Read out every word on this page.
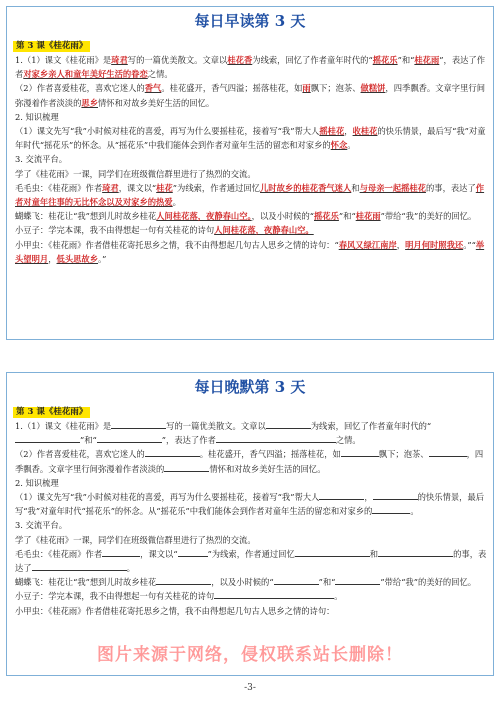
每日早读第 3 天
第 3 课《桂花雨》

1.（1）课文《桂花雨》是琦君写的一篇优美散文。文章以桂花香为线索，回忆了作者童年时代的“摇花乐”和“桂花雨”，表达了作者对家乡亲人和童年美好生活的眷恋之情。

（2）作者喜爱桂花，喜欢它迷人的香气。桂花盛开，香气四溢；摇落桂花，如雨飘下；泡茶、做糕饼，四季飘香。文章字里行间弥漫着作者淡淡的思乡情怀和对故乡美好生活的回忆。

2. 知识梳理

（1）课文先写“我”小时候对桂花的喜爱，再写为什么要摇桂花，接着写“我”帮大人摇桂花，收桂花的快乐情景，最后写“我”对童年时代“摇花乐”的怀念。从“摇花乐”中我们能体会到作者对童年生活的留恋和对家乡的怀念。

3. 交流平台。

学了《桂花雨》一课，同学们在班级微信群里进行了热烈的交流。

毛毛虫：《桂花雨》作者琦君，课文以“桂花”为线索，作者通过回忆儿时故乡的桂花香气迷人和与母亲一起摇桂花的事，表达了作者对童年往事的无比怀念以及对家乡的热爱。

蝴蝶飞：桂花让“我”想到儿时故乡桂花人间桂花落，夜静春山空。，以及小时候的“摇花乐”和“桂花雨”带给“我”的美好的回忆。

小豆子：学完本课，我不由得想起一句有关桂花的诗句人间桂花落，夜静春山空。

小甲虫：《桂花雨》作者借桂花寄托思乡之情，我不由得想起几句古人思乡之情的诗句：“春风又绿江南岸，明月何时照我还。”“举头望明月，低头思故乡。”

每日晚默第 3 天
第 3 课《桂花雨》

1.（1）课文《桂花雨》是	写的一篇优美散文。文章以	为线索，回忆了作者童年时代的“”和“	”，表达了作者	之情。

（2）作者喜爱桂花，喜欢它迷人的	。桂花盛开，香气四溢；摇落桂花，如	飘下；泡茶、	，四季飘香。文章字里行间弥漫着作者淡淡的	情怀和对故乡美好生活的回忆。

2. 知识梳理

（1）课文先写“我”小时候对桂花的喜爱，再写为什么要摇桂花，接着写“我”帮大人	，	的快乐情景，最后写“我”对童年时代“摇花乐”的怀念。从“摇花乐”中我们能体会到作者对童年生活的留恋和对家乡的	。

3. 交流平台。

学了《桂花雨》一课，同学们在班级微信群里进行了热烈的交流。

毛毛虫：《桂花雨》作者	，课文以“	”为线索，作者通过回忆	和	的事，表达了	。

蝴蝶飞：桂花让“我”想到儿时故乡桂花	，以及小时候的“	”和“	”带给“我”的美好的回忆。

小豆子：学完本课，我不由得想起一句有关桂花的诗句	。

小甲虫：《桂花雨》作者借桂花寄托思乡之情，我不由得想起几句古人思乡之情的诗句：

图片来源于网络，侵权联系站长删除！
-3-
